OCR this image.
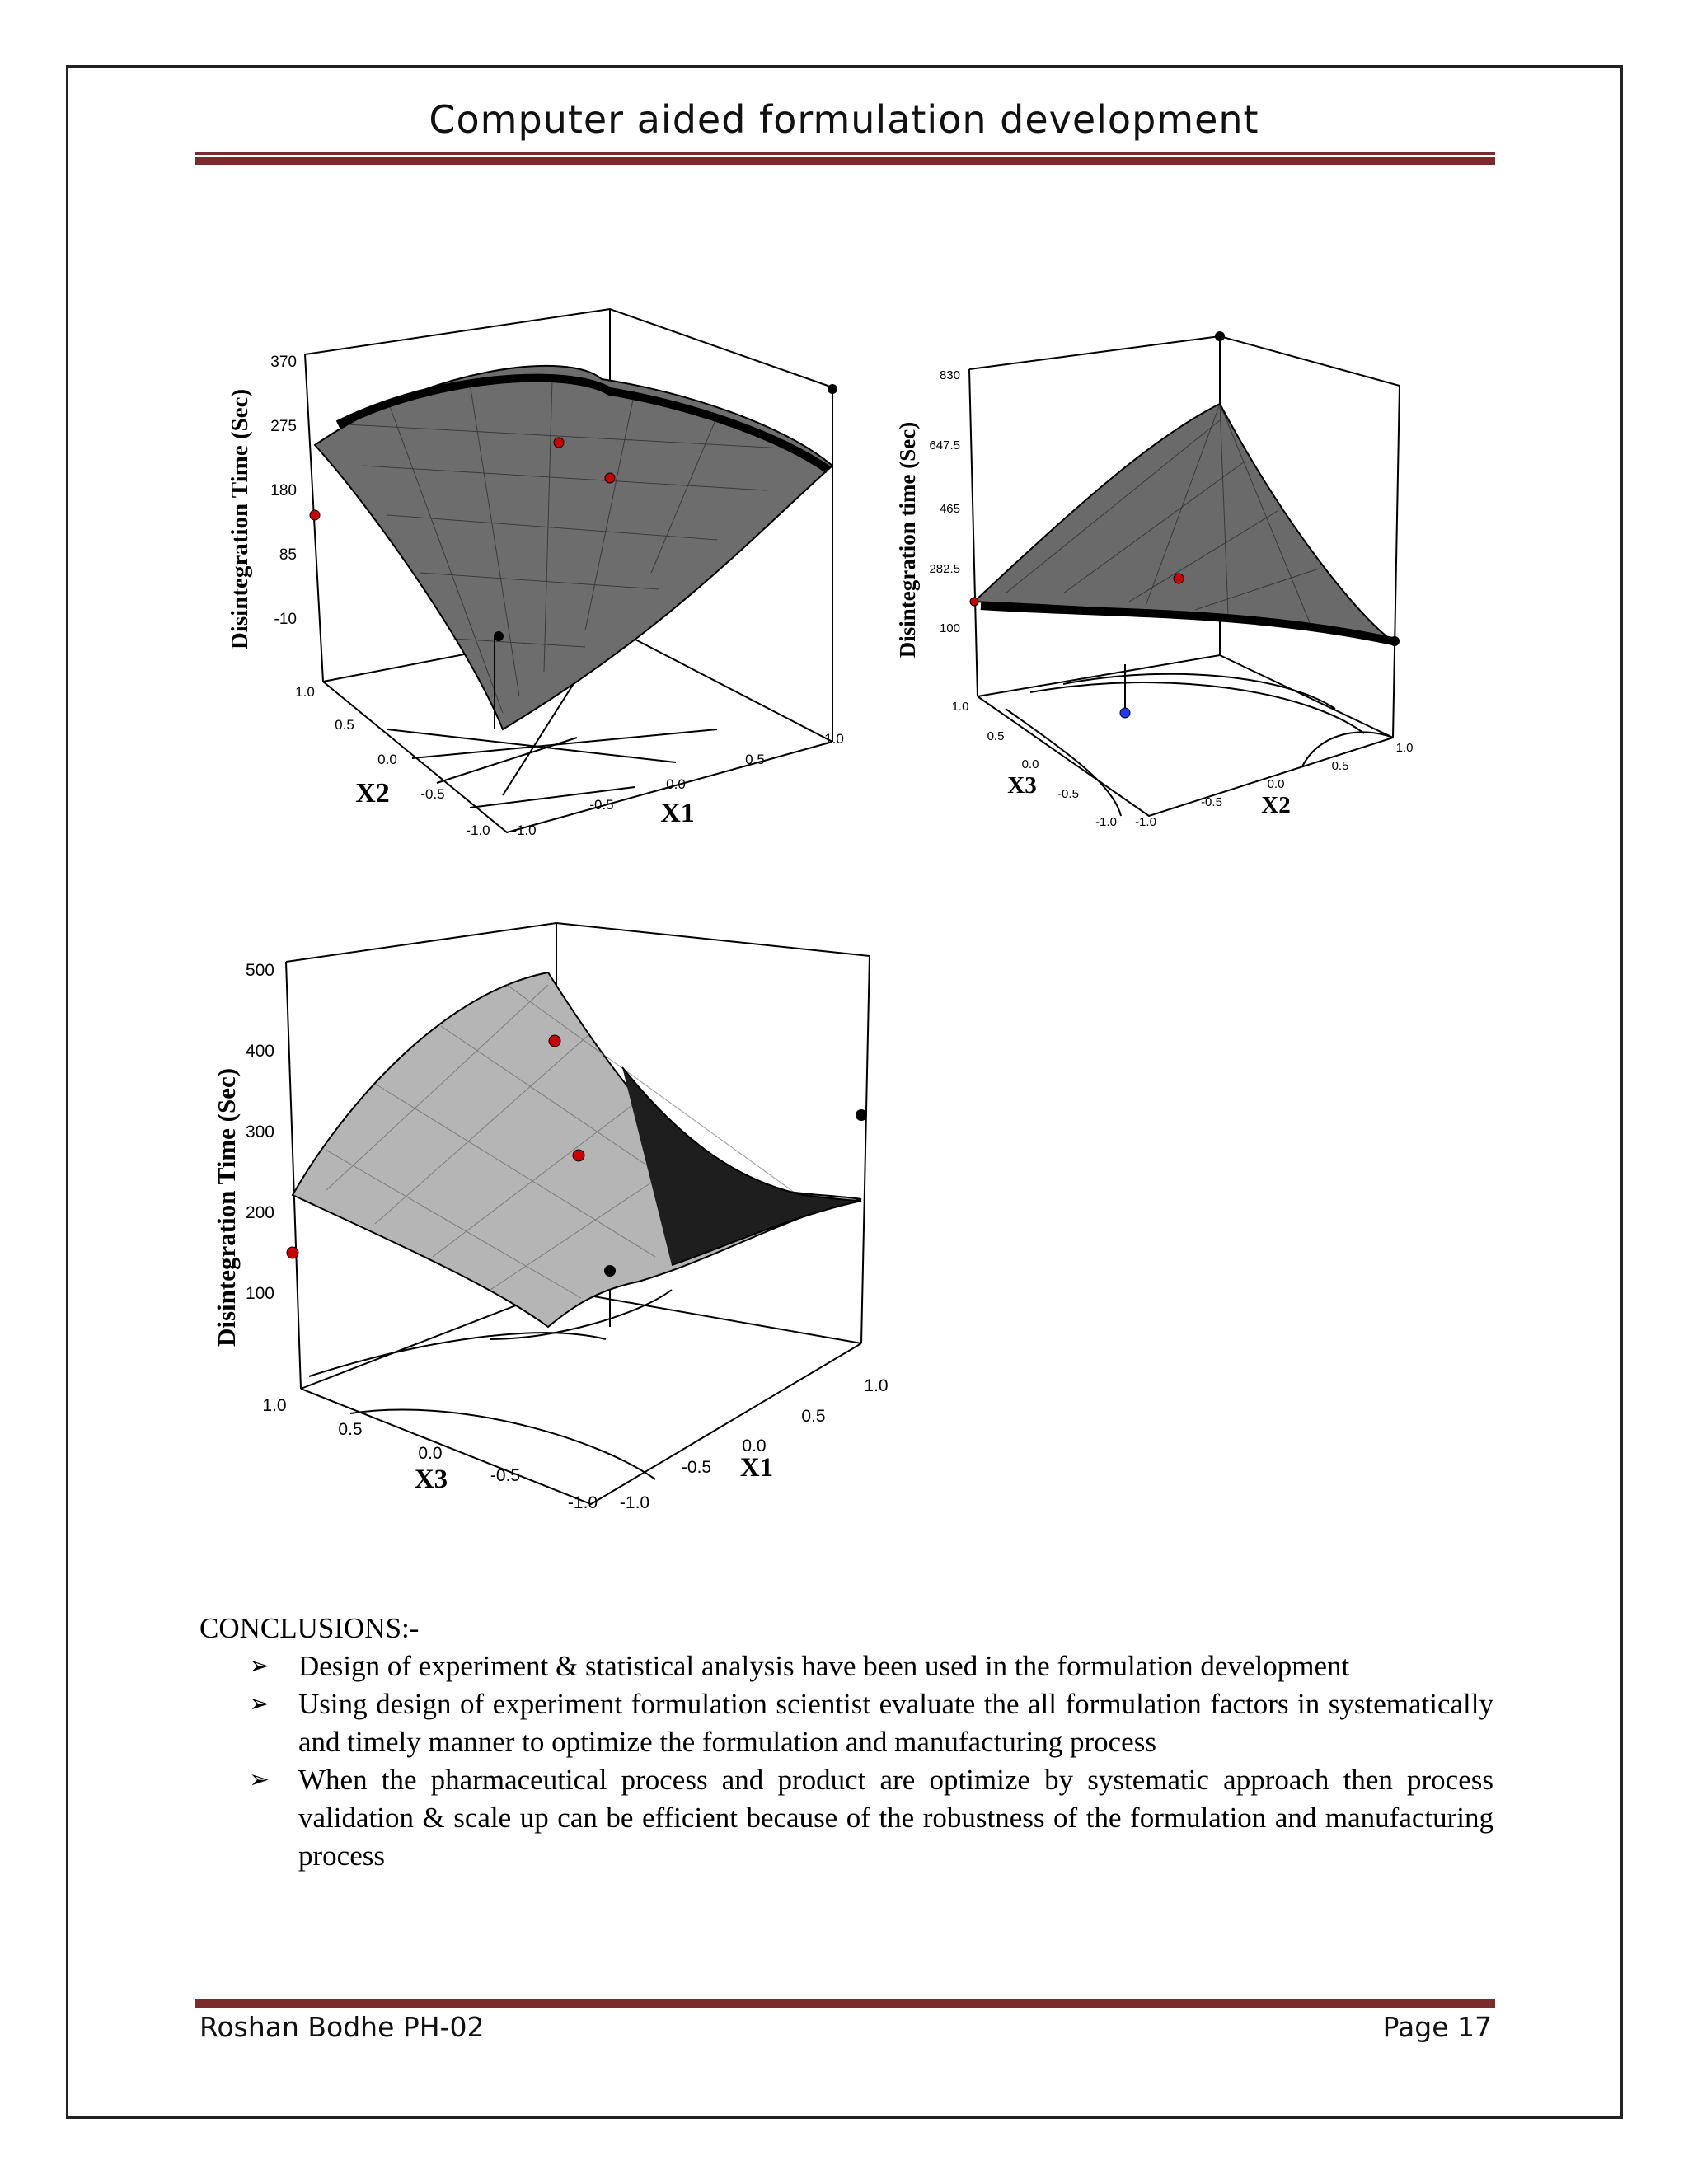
Computer aided formulation development
370
275
180
85
-10
Disintegration Time (Sec)
1.0
0.5
0.0
-0.5
-1.0 -1.0
-0.5
0.0
0.5
1.0
X2
X1
830
647.5
465
282.5
100
Disintegration time (Sec)
1.0
0.5
0.0
-0.5
-1.0 -1.0
-0.5
0.0
0.5
1.0
X3
X2
500
400
300
200
100
Disintegration Time (Sec)
1.0
0.5
0.0
-0.5
-1.0 -1.0
-0.5
0.0
0.5
1.0
X3	X1

CONCLUSIONS:-

➢ Design of experiment & statistical analysis have been used in the formulation development
➢ Using design of experiment formulation scientist evaluate the all formulation factors in systematically and timely manner to optimize the formulation and manufacturing process
➢ When the pharmaceutical process and product are optimize by systematic approach then process validation & scale up can be efficient because of the robustness of the formulation and manufacturing process
Roshan Bodhe PH-02	Page 17
